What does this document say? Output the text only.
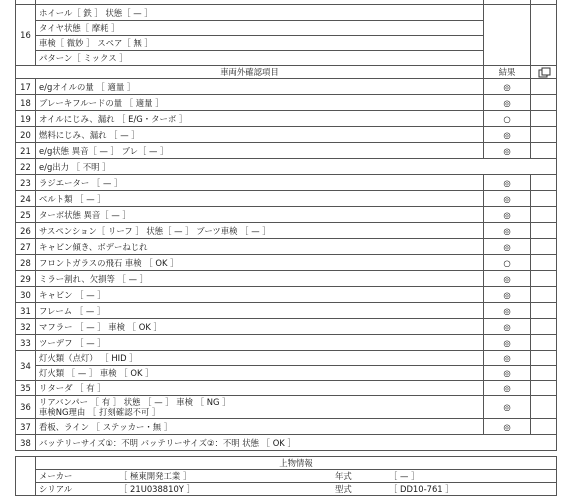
16	ホイール［ 鉄 ］ 状態［ — ］		
	タイヤ状態［ 摩耗 ］		
	車検［ 微妙 ］ スペア［ 無 ］		
	パターン［ ミックス ］		
車両外確認項目		結果	

17	e/gオイルの量 ［ 適量 ］	◎	
18	ブレーキフルードの量 ［ 適量 ］	◎	
19	オイルにじみ、漏れ ［ E/G・ターボ ］	○	
20	燃料にじみ、漏れ ［ — ］	◎	
21	e/g状態 異音［ — ］ ブレ［ — ］	◎	
22	e/g出力 ［ 不明 ］		
23	ラジエーター ［ — ］	◎	
24	ベルト類 ［ — ］	◎	
25	ターボ状態 異音［ — ］	◎	
26	サスペンション［ リーフ ］ 状態［ — ］ ブーツ車検 ［ — ］	◎	
27	キャビン傾き、ボデーねじれ	◎	
28	フロントガラスの飛石 車検 ［ OK ］	○	
29	ミラー割れ、欠損等 ［ — ］	◎	
30	キャビン ［ — ］	◎	
31	フレーム ［ — ］	◎	
32	マフラー ［ — ］ 車検 ［ OK ］	◎	
33	ツーデフ ［ — ］	◎	
34	灯火類（点灯） ［ HID ］	◎	
	灯火類 ［ — ］ 車検 ［ OK ］	◎	
35	リターダ ［ 有 ］	◎	
36	リアバンパー ［ 有 ］ 状態 ［ — ］ 車検 ［ NG ］
車検NG理由 ［ 打刻確認不可 ］	◎	
37	看板、ライン ［ ステッカー・無 ］	◎	
38	バッテリーサイズ①：不明 バッテリーサイズ②：不明 状態 ［ OK ］		

	上物情報		
	メーカー ［ 極東開発工業 ］ 年式 ［ — ］		
	シリアル ［ 21U038810Y ］ 型式 ［ DD10-761 ］		
